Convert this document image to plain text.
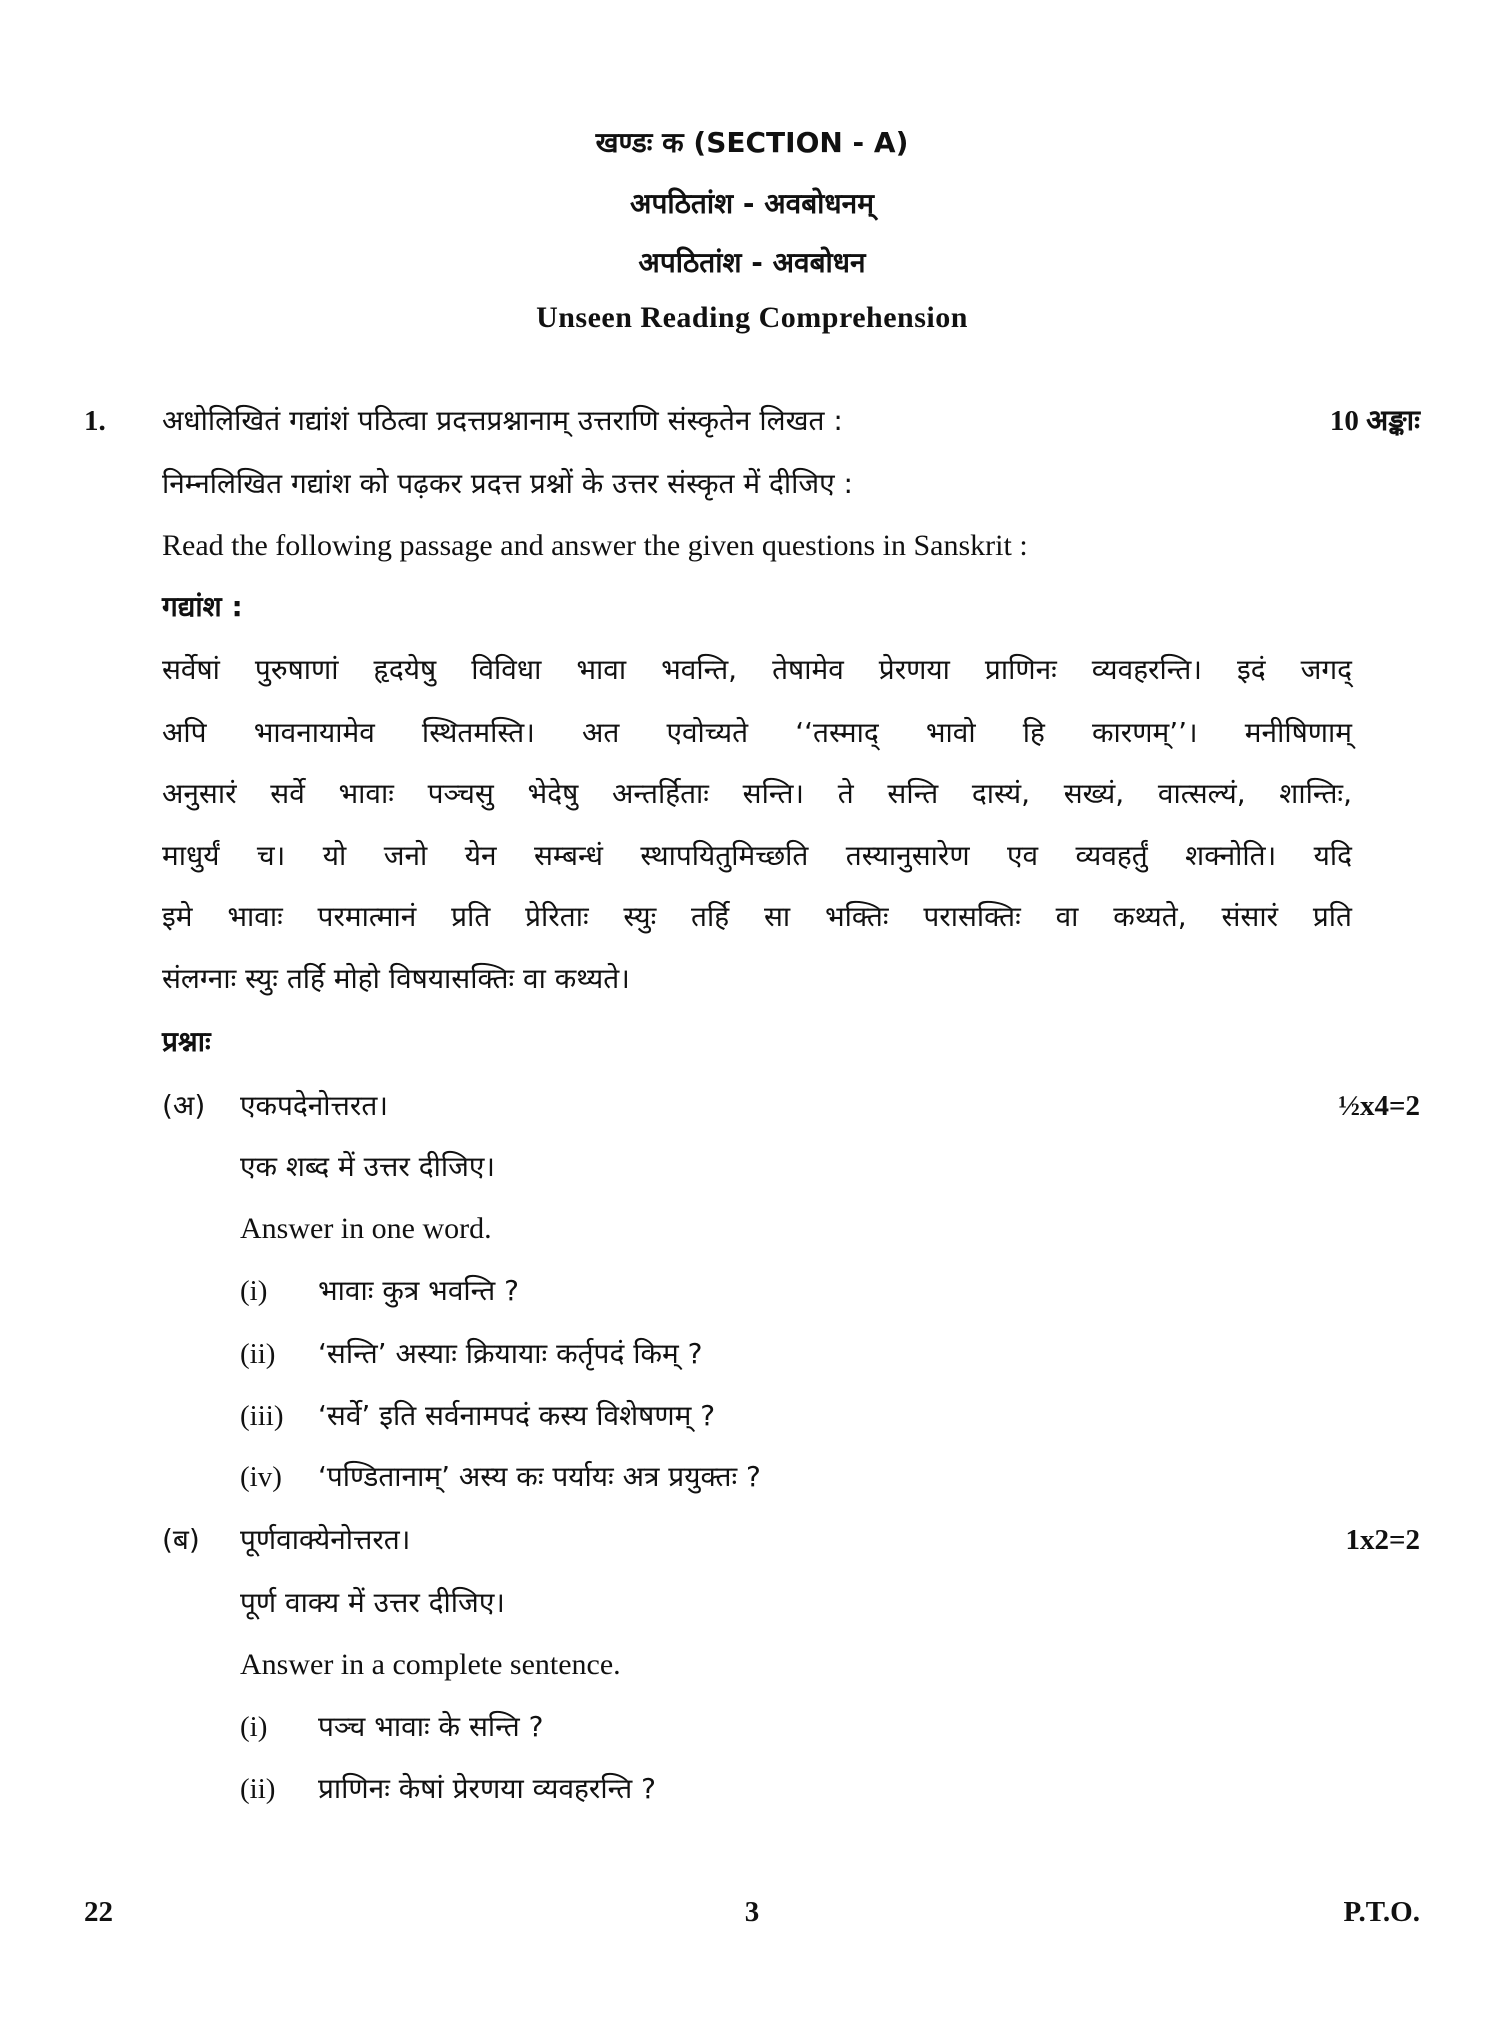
खण्डः क (SECTION - A)
अपठितांश - अवबोधनम्
अपठितांश - अवबोधन
Unseen Reading Comprehension
1. अधोलिखितं गद्यांशं पठित्वा प्रदत्तप्रश्नानाम् उत्तराणि संस्कृतेन लिखत :	10 अङ्काः
निम्नलिखित गद्यांश को पढ़कर प्रदत्त प्रश्नों के उत्तर संस्कृत में दीजिए :
Read the following passage and answer the given questions in Sanskrit :
गद्यांश :
सर्वेषां पुरुषाणां हृदयेषु विविधा भावा भवन्ति, तेषामेव प्रेरणया प्राणिनः व्यवहरन्ति। इदं जगद्
अपि भावनायामेव स्थितमस्ति। अत एवोच्यते ‘‘तस्माद् भावो हि कारणम्’’। मनीषिणाम्
अनुसारं सर्वे भावाः पञ्चसु भेदेषु अन्तर्हिताः सन्ति। ते सन्ति दास्यं, सख्यं, वात्सल्यं, शान्तिः,
माधुर्यं च। यो जनो येन सम्बन्धं स्थापयितुमिच्छति तस्यानुसारेण एव व्यवहर्तुं शक्नोति। यदि
इमे भावाः परमात्मानं प्रति प्रेरिताः स्युः तर्हि सा भक्तिः परासक्तिः वा कथ्यते, संसारं प्रति
संलग्नाः स्युः तर्हि मोहो विषयासक्तिः वा कथ्यते।
प्रश्नाः
(अ) एकपदेनोत्तरत।	½x4=2
एक शब्द में उत्तर दीजिए।
Answer in one word.
(i) भावाः कुत्र भवन्ति ?
(ii) ‘सन्ति’ अस्याः क्रियायाः कर्तृपदं किम् ?
(iii) ‘सर्वे’ इति सर्वनामपदं कस्य विशेषणम् ?
(iv) ‘पण्डितानाम्’ अस्य कः पर्यायः अत्र प्रयुक्तः ?
(ब) पूर्णवाक्येनोत्तरत।	1x2=2
पूर्ण वाक्य में उत्तर दीजिए।
Answer in a complete sentence.
(i) पञ्च भावाः के सन्ति ?
(ii) प्राणिनः केषां प्रेरणया व्यवहरन्ति ?
22	3	P.T.O.
